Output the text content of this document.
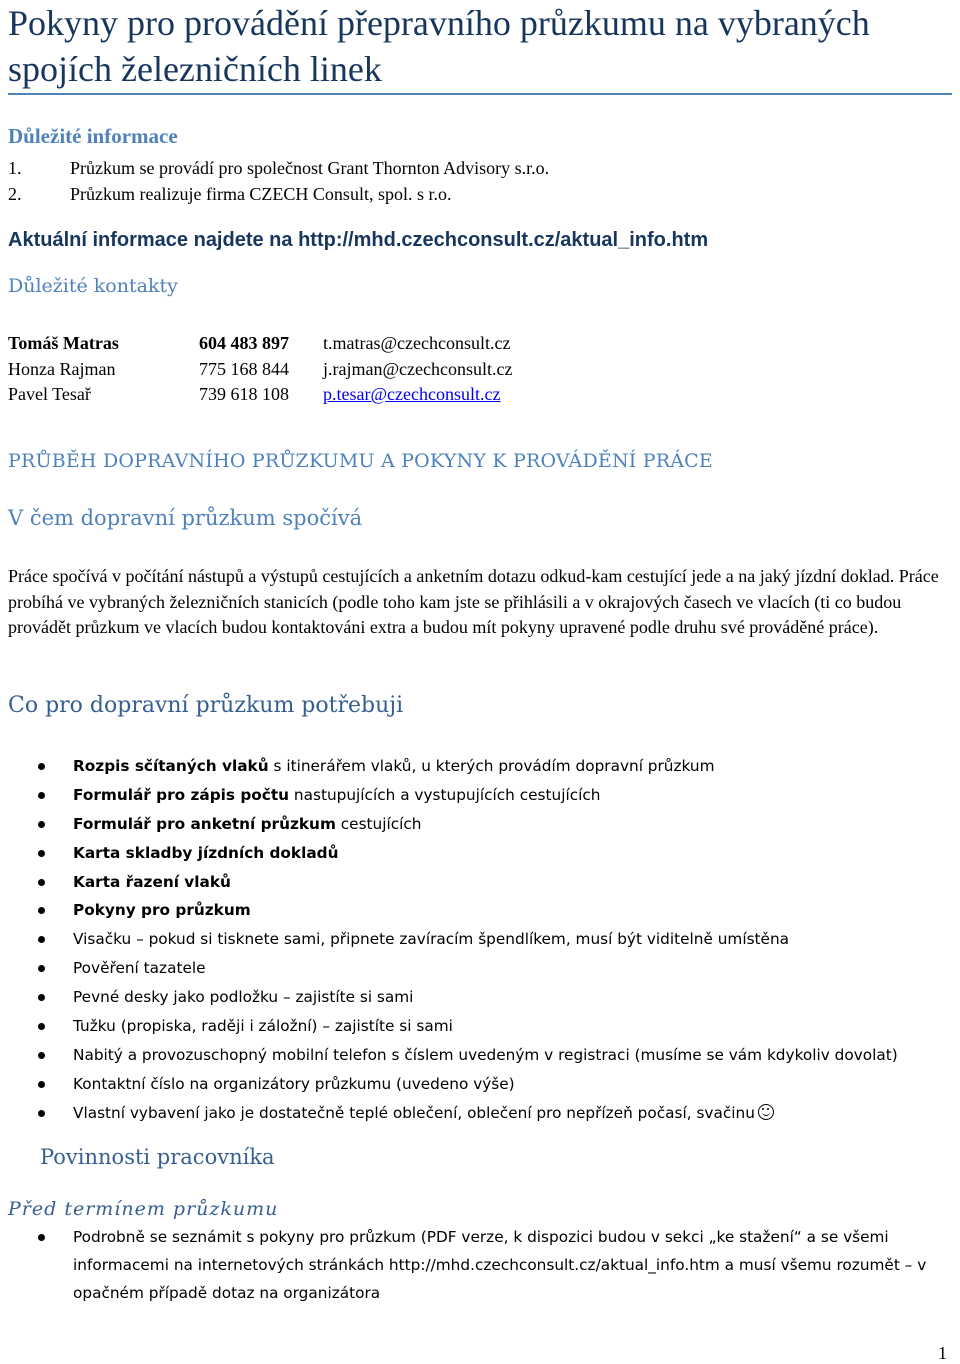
Pokyny pro provádění přepravního průzkumu na vybraných spojích železničních linek
Důležité informace
1.	Průzkum se provádí pro společnost Grant Thornton Advisory s.r.o.
2.	Průzkum realizuje firma CZECH Consult, spol. s r.o.
Aktuální informace najdete na http://mhd.czechconsult.cz/aktual_info.htm
Důležité kontakty
Tomáš Matras	604 483 897 t.matras@czechconsult.cz
Honza Rajman	775 168 844 j.rajman@czechconsult.cz
Pavel Tesař	739 618 108 p.tesar@czechconsult.cz
PRŮBĚH DOPRAVNÍHO PRŮZKUMU A POKYNY K PROVÁDĚNÍ PRÁCE
V čem dopravní průzkum spočívá

Práce spočívá v počítání nástupů a výstupů cestujících a anketním dotazu odkud-kam cestující jede a na jaký jízdní doklad. Práce probíhá ve vybraných železničních stanicích (podle toho kam jste se přihlásili a v okrajových časech ve vlacích (ti co budou provádět průzkum ve vlacích budou kontaktováni extra a budou mít pokyny upravené podle druhu své prováděné práce).

Co pro dopravní průzkum potřebuji
Rozpis sčítaných vlaků s itinerářem vlaků, u kterých provádím dopravní průzkum
Formulář pro zápis počtu nastupujících a vystupujících cestujících
Formulář pro anketní průzkum cestujících
Karta skladby jízdních dokladů
Karta řazení vlaků
Pokyny pro průzkum
Visačku – pokud si tisknete sami, připnete zavíracím špendlíkem, musí být viditelně umístěna
Pověření tazatele
Pevné desky jako podložku – zajistíte si sami
Tužku (propiska, raději i záložní) – zajistíte si sami
Nabitý a provozuschopný mobilní telefon s číslem uvedeným v registraci (musíme se vám kdykoliv dovolat)
Kontaktní číslo na organizátory průzkumu (uvedeno výše)
Vlastní vybavení jako je dostatečně teplé oblečení, oblečení pro nepřízeň počasí, svačinu
Povinnosti pracovníka
Před termínem průzkumu
Podrobně se seznámit s pokyny pro průzkum (PDF verze, k dispozici budou v sekci „ke stažení“ a se všemi informacemi na internetových stránkách http://mhd.czechconsult.cz/aktual_info.htm a musí všemu rozumět – v opačném případě dotaz na organizátora
1
